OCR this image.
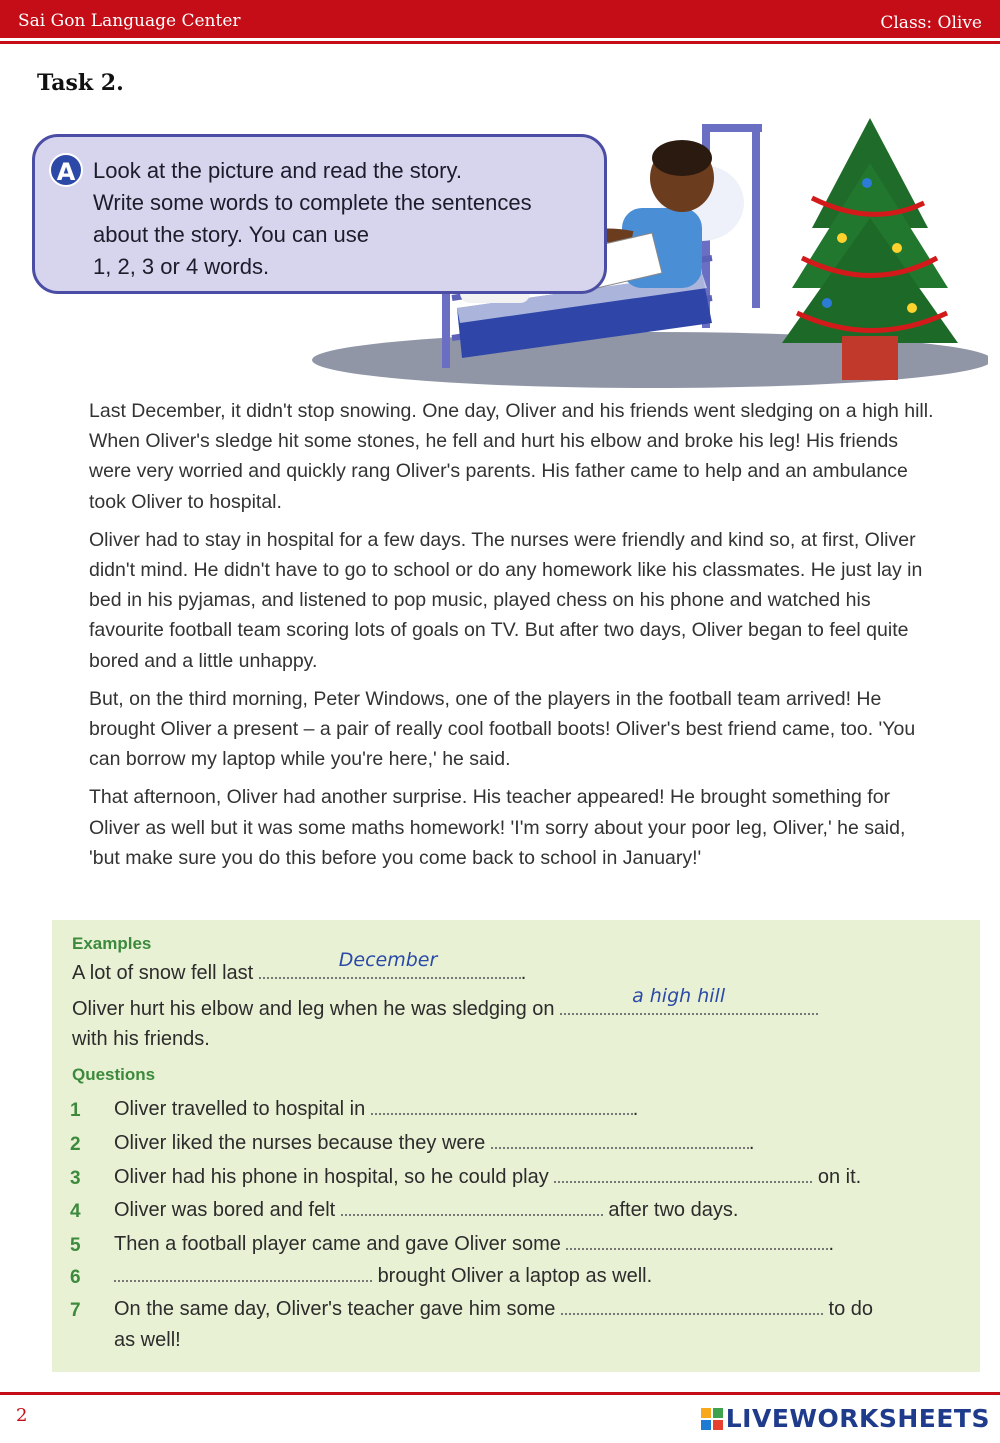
Sai Gon Language Center	Class: Olive
Task 2.
A Look at the picture and read the story.
Write some words to complete the sentences
about the story. You can use
1, 2, 3 or 4 words.

Last December, it didn't stop snowing. One day, Oliver and his friends went sledging on a high hill. When Oliver's sledge hit some stones, he fell and hurt his elbow and broke his leg! His friends were very worried and quickly rang Oliver's parents. His father came to help and an ambulance took Oliver to hospital.

Oliver had to stay in hospital for a few days. The nurses were friendly and kind so, at first, Oliver didn't mind. He didn't have to go to school or do any homework like his classmates. He just lay in bed in his pyjamas, and listened to pop music, played chess on his phone and watched his favourite football team scoring lots of goals on TV. But after two days, Oliver began to feel quite bored and a little unhappy.

But, on the third morning, Peter Windows, one of the players in the football team arrived! He brought Oliver a present – a pair of really cool football boots! Oliver's best friend came, too. 'You can borrow my laptop while you're here,' he said.

That afternoon, Oliver had another surprise. His teacher appeared! He brought something for Oliver as well but it was some maths homework! 'I'm sorry about your poor leg, Oliver,' he said, 'but make sure you do this before you come back to school in January!'

Examples
A lot of snow fell last
December
.
Oliver hurt his elbow and leg when he was sledging on
a high hill
with his friends.
Questions
1 Oliver travelled to hospital in	.
2 Oliver liked the nurses because they were	.
3 Oliver had his phone in hospital, so he could play	on it.
4 Oliver was bored and felt	after two days.
5 Then a football player came and gave Oliver some	.
6	brought Oliver a laptop as well.
7 On the same day, Oliver's teacher gave him some	to do
as well!
2	LIVEWORKSHEETS
